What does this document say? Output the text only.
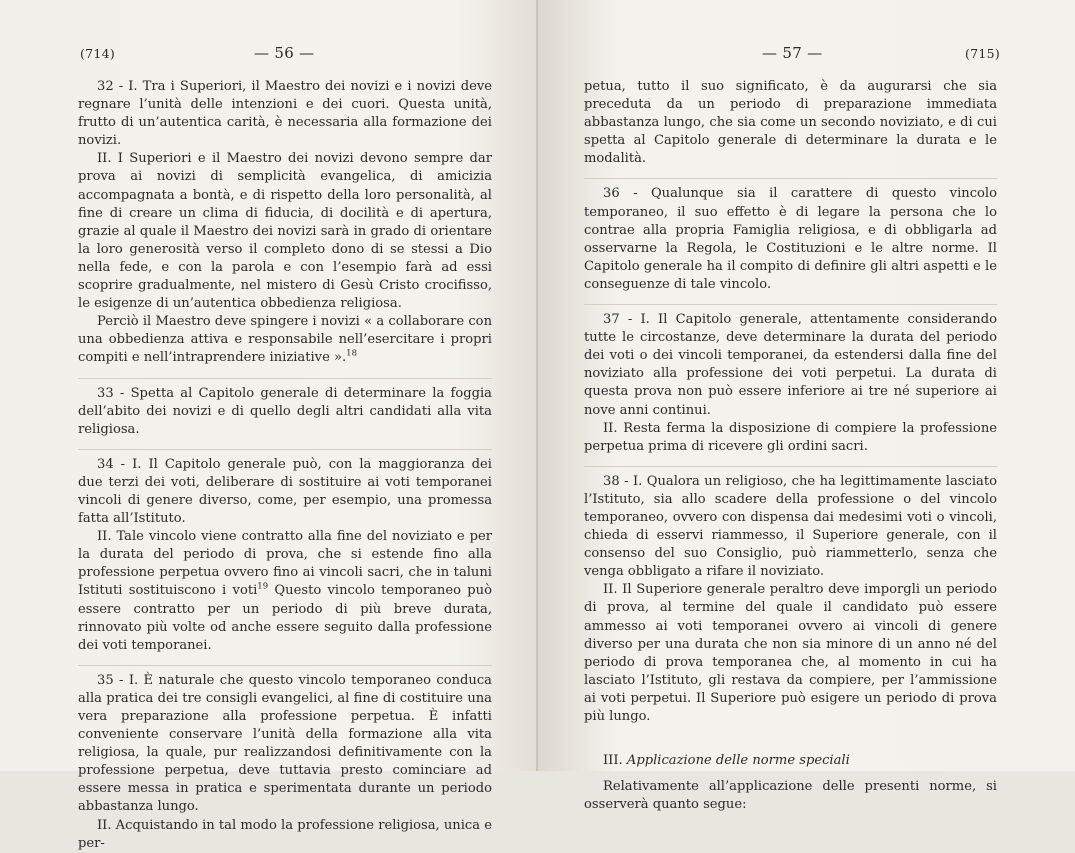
(714)	— 56 —

32 - I. Tra i Superiori, il Maestro dei novizi e i novizi deve regnare l’unità delle intenzioni e dei cuori. Questa unità, frutto di un’autentica carità, è necessaria alla formazione dei novizi.

II. I Superiori e il Maestro dei novizi devono sempre dar prova ai novizi di semplicità evangelica, di amicizia accompagnata a bontà, e di rispetto della loro personalità, al fine di creare un clima di fiducia, di docilità e di apertura, grazie al quale il Maestro dei novizi sarà in grado di orientare la loro generosità verso il completo dono di se stessi a Dio nella fede, e con la parola e con l’esempio farà ad essi scoprire gradualmente, nel mistero di Gesù Cristo crocifisso, le esigenze di un’autentica obbedienza religiosa.

Perciò il Maestro deve spingere i novizi « a collaborare con una obbedienza attiva e responsabile nell’esercitare i propri compiti e nell’intraprendere iniziative ».$^{18}$

33 - Spetta al Capitolo generale di determinare la foggia dell’abito dei novizi e di quello degli altri candidati alla vita religiosa.

34 - I. Il Capitolo generale può, con la maggioranza dei due terzi dei voti, deliberare di sostituire ai voti temporanei vincoli di genere diverso, come, per esempio, una promessa fatta all’Istituto.

II. Tale vincolo viene contratto alla fine del noviziato e per la durata del periodo di prova, che si estende fino alla professione perpetua ovvero fino ai vincoli sacri, che in taluni Istituti sostituiscono i voti$^{19}$ Questo vincolo temporaneo può essere contratto per un periodo di più breve durata, rinnovato più volte od anche essere seguito dalla professione dei voti temporanei.

35 - I. È naturale che questo vincolo temporaneo conduca alla pratica dei tre consigli evangelici, al fine di costituire una vera preparazione alla professione perpetua. È infatti conveniente conservare l’unità della formazione alla vita religiosa, la quale, pur realizzandosi definitivamente con la professione perpetua, deve tuttavia presto cominciare ad essere messa in pratica e sperimentata durante un periodo abbastanza lungo.

II. Acquistando in tal modo la professione religiosa, unica e per-

— 57 —	(715)

petua, tutto il suo significato, è da augurarsi che sia preceduta da un periodo di preparazione immediata abbastanza lungo, che sia come un secondo noviziato, e di cui spetta al Capitolo generale di determinare la durata e le modalità.

36 - Qualunque sia il carattere di questo vincolo temporaneo, il suo effetto è di legare la persona che lo contrae alla propria Famiglia religiosa, e di obbligarla ad osservarne la Regola, le Costituzioni e le altre norme. Il Capitolo generale ha il compito di definire gli altri aspetti e le conseguenze di tale vincolo.

37 - I. Il Capitolo generale, attentamente considerando tutte le circostanze, deve determinare la durata del periodo dei voti o dei vincoli temporanei, da estendersi dalla fine del noviziato alla professione dei voti perpetui. La durata di questa prova non può essere inferiore ai tre né superiore ai nove anni continui.

II. Resta ferma la disposizione di compiere la professione perpetua prima di ricevere gli ordini sacri.

38 - I. Qualora un religioso, che ha legittimamente lasciato l’Istituto, sia allo scadere della professione o del vincolo temporaneo, ovvero con dispensa dai medesimi voti o vincoli, chieda di esservi riammesso, il Superiore generale, con il consenso del suo Consiglio, può riammetterlo, senza che venga obbligato a rifare il noviziato.

II. Il Superiore generale peraltro deve imporgli un periodo di prova, al termine del quale il candidato può essere ammesso ai voti temporanei ovvero ai vincoli di genere diverso per una durata che non sia minore di un anno né del periodo di prova temporanea che, al momento in cui ha lasciato l’Istituto, gli restava da compiere, per l’ammissione ai voti perpetui. Il Superiore può esigere un periodo di prova più lungo.

III. Applicazione delle norme speciali

Relativamente all’applicazione delle presenti norme, si osserverà quanto segue:
